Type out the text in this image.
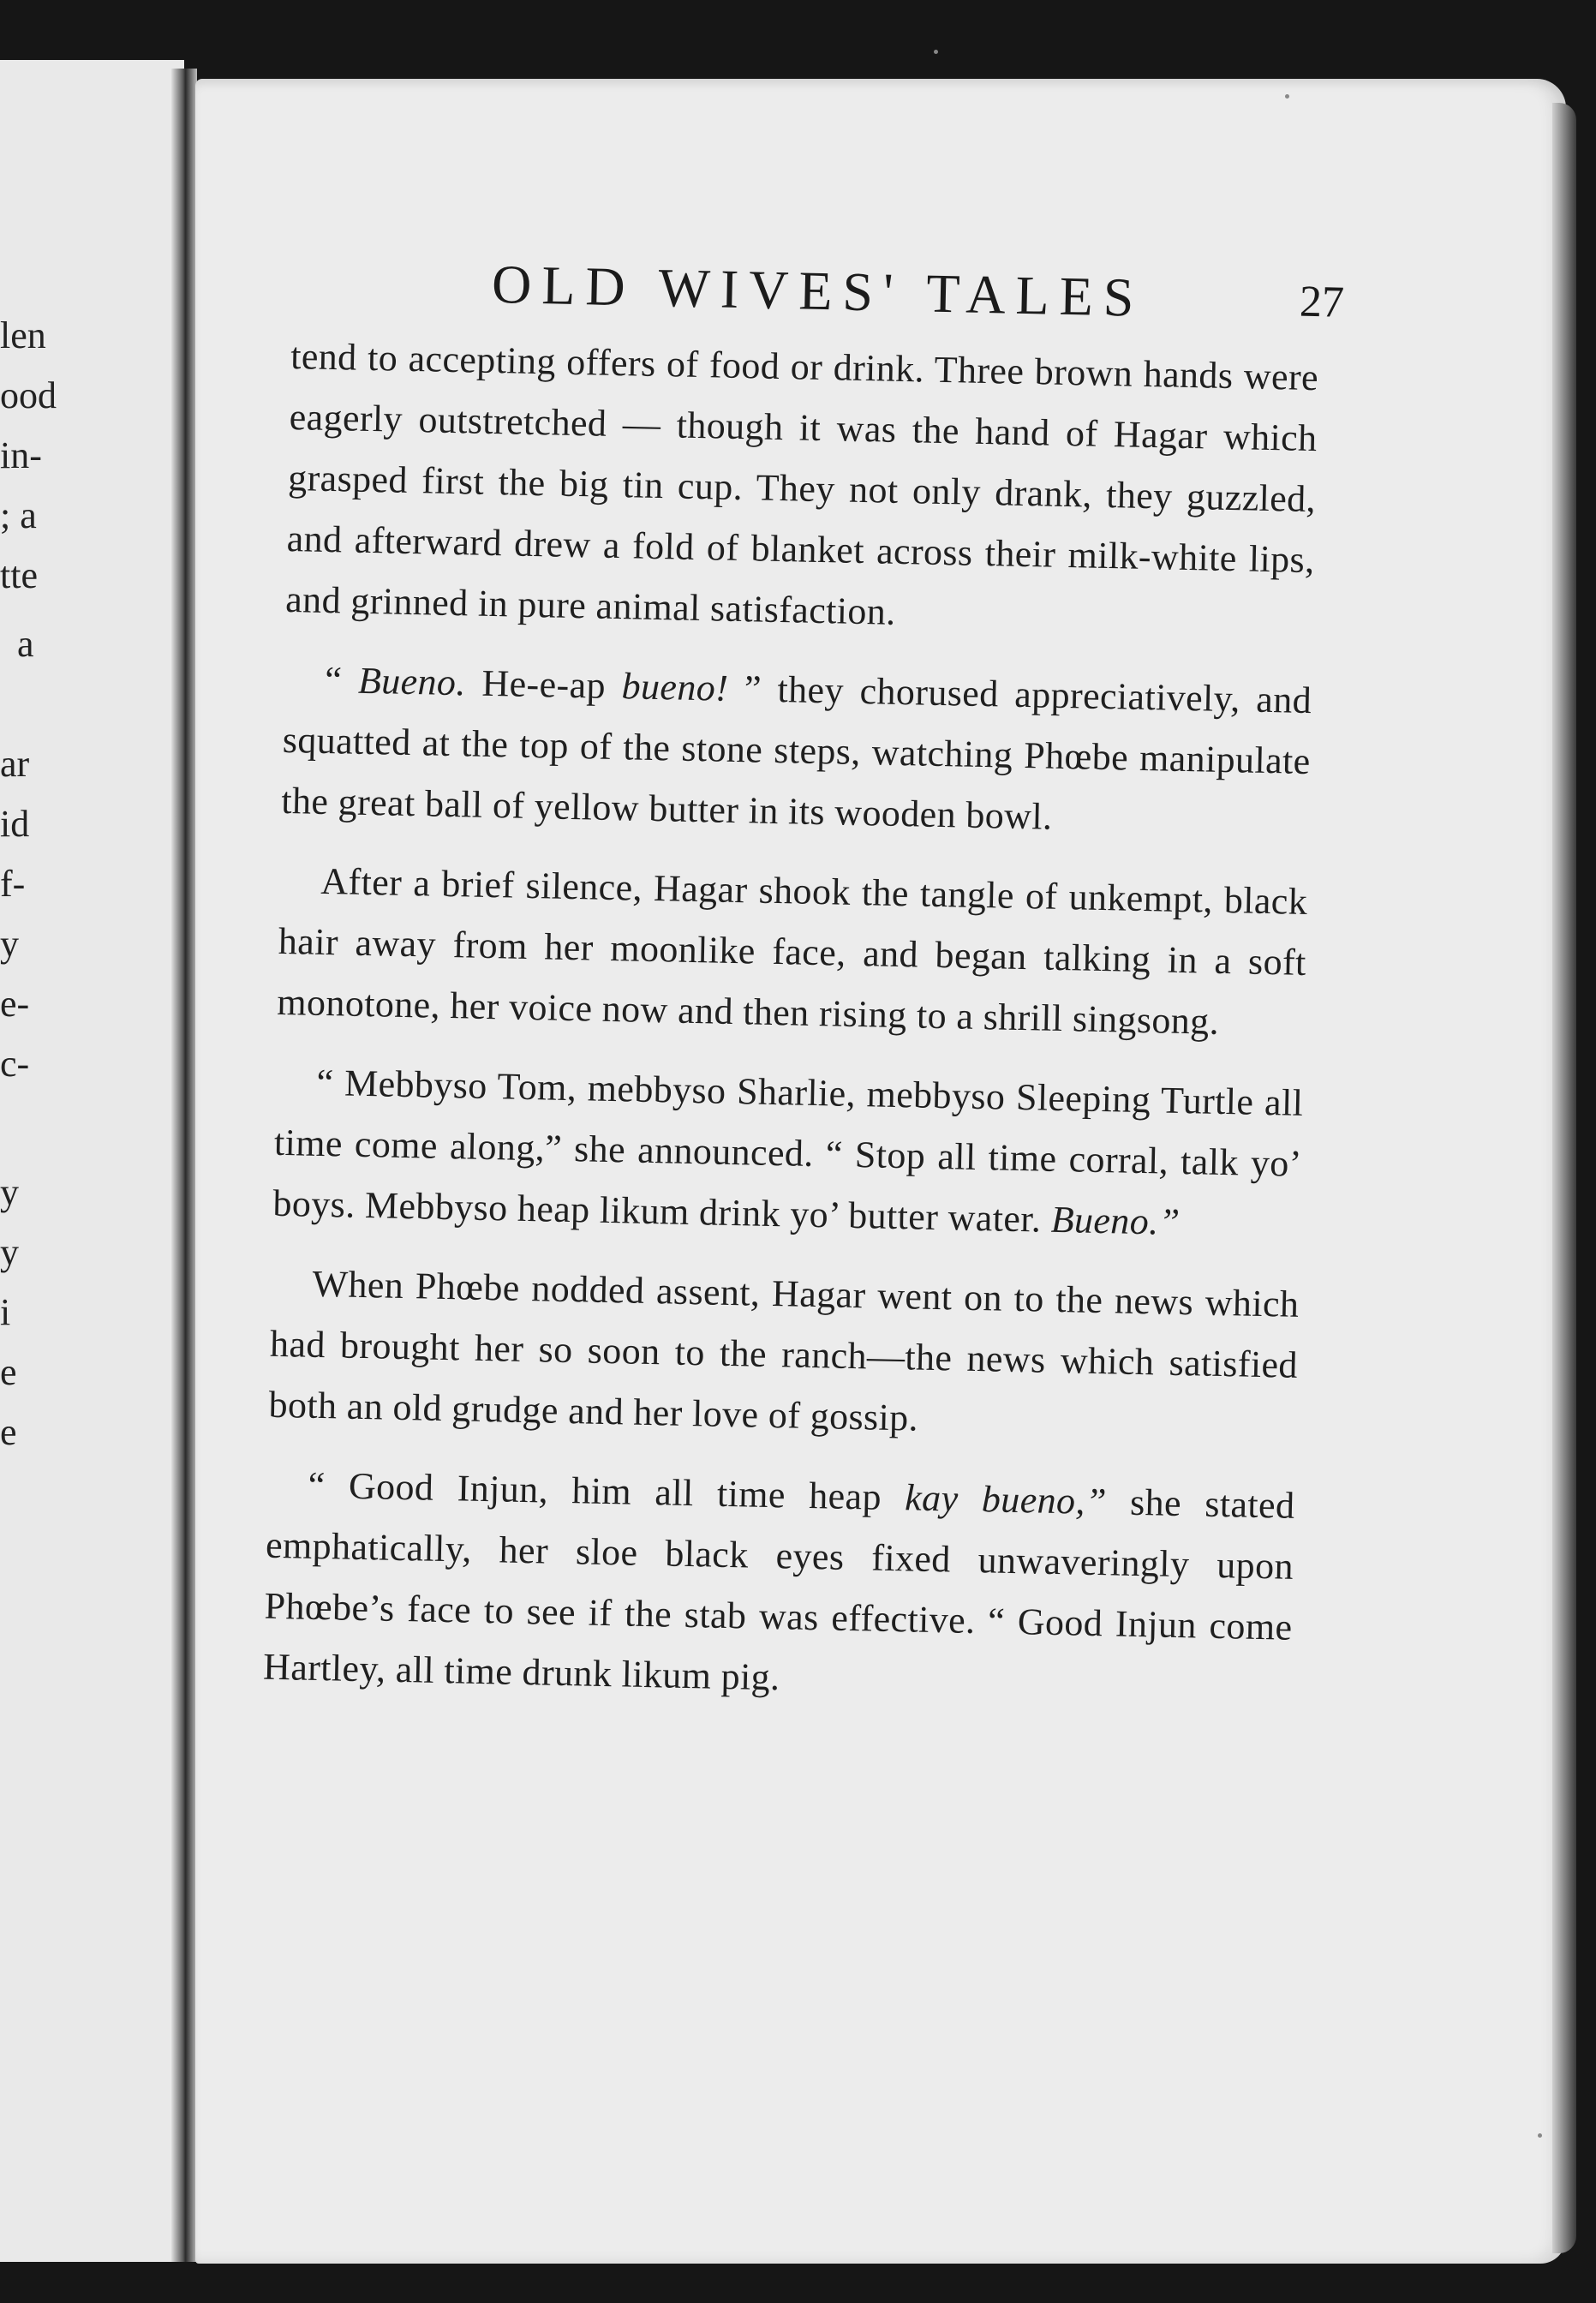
len
ood
in-
; a
tte
a
ar
id
f-
y
e-
c-
y
y
i
e
e
OLD WIVES' TALES	27

tend to accepting offers of food or drink. Three brown hands were eagerly outstretched — though it was the hand of Hagar which grasped first the big tin cup. They not only drank, they guzzled, and afterward drew a fold of blanket across their milk-white lips, and grinned in pure animal satisfaction.

“ Bueno. He-e-ap bueno! ” they chorused appreciatively, and squatted at the top of the stone steps, watching Phœbe manipulate the great ball of yellow butter in its wooden bowl.

After a brief silence, Hagar shook the tangle of unkempt, black hair away from her moonlike face, and began talking in a soft monotone, her voice now and then rising to a shrill singsong.

“ Mebbyso Tom, mebbyso Sharlie, mebbyso Sleeping Turtle all time come along,” she announced. “ Stop all time corral, talk yo’ boys. Mebbyso heap likum drink yo’ butter water. Bueno.”

When Phœbe nodded assent, Hagar went on to the news which had brought her so soon to the ranch—the news which satisfied both an old grudge and her love of gossip.

“ Good Injun, him all time heap kay bueno,” she stated emphatically, her sloe black eyes fixed unwaveringly upon Phœbe’s face to see if the stab was effective. “ Good Injun come Hartley, all time drunk likum pig.
